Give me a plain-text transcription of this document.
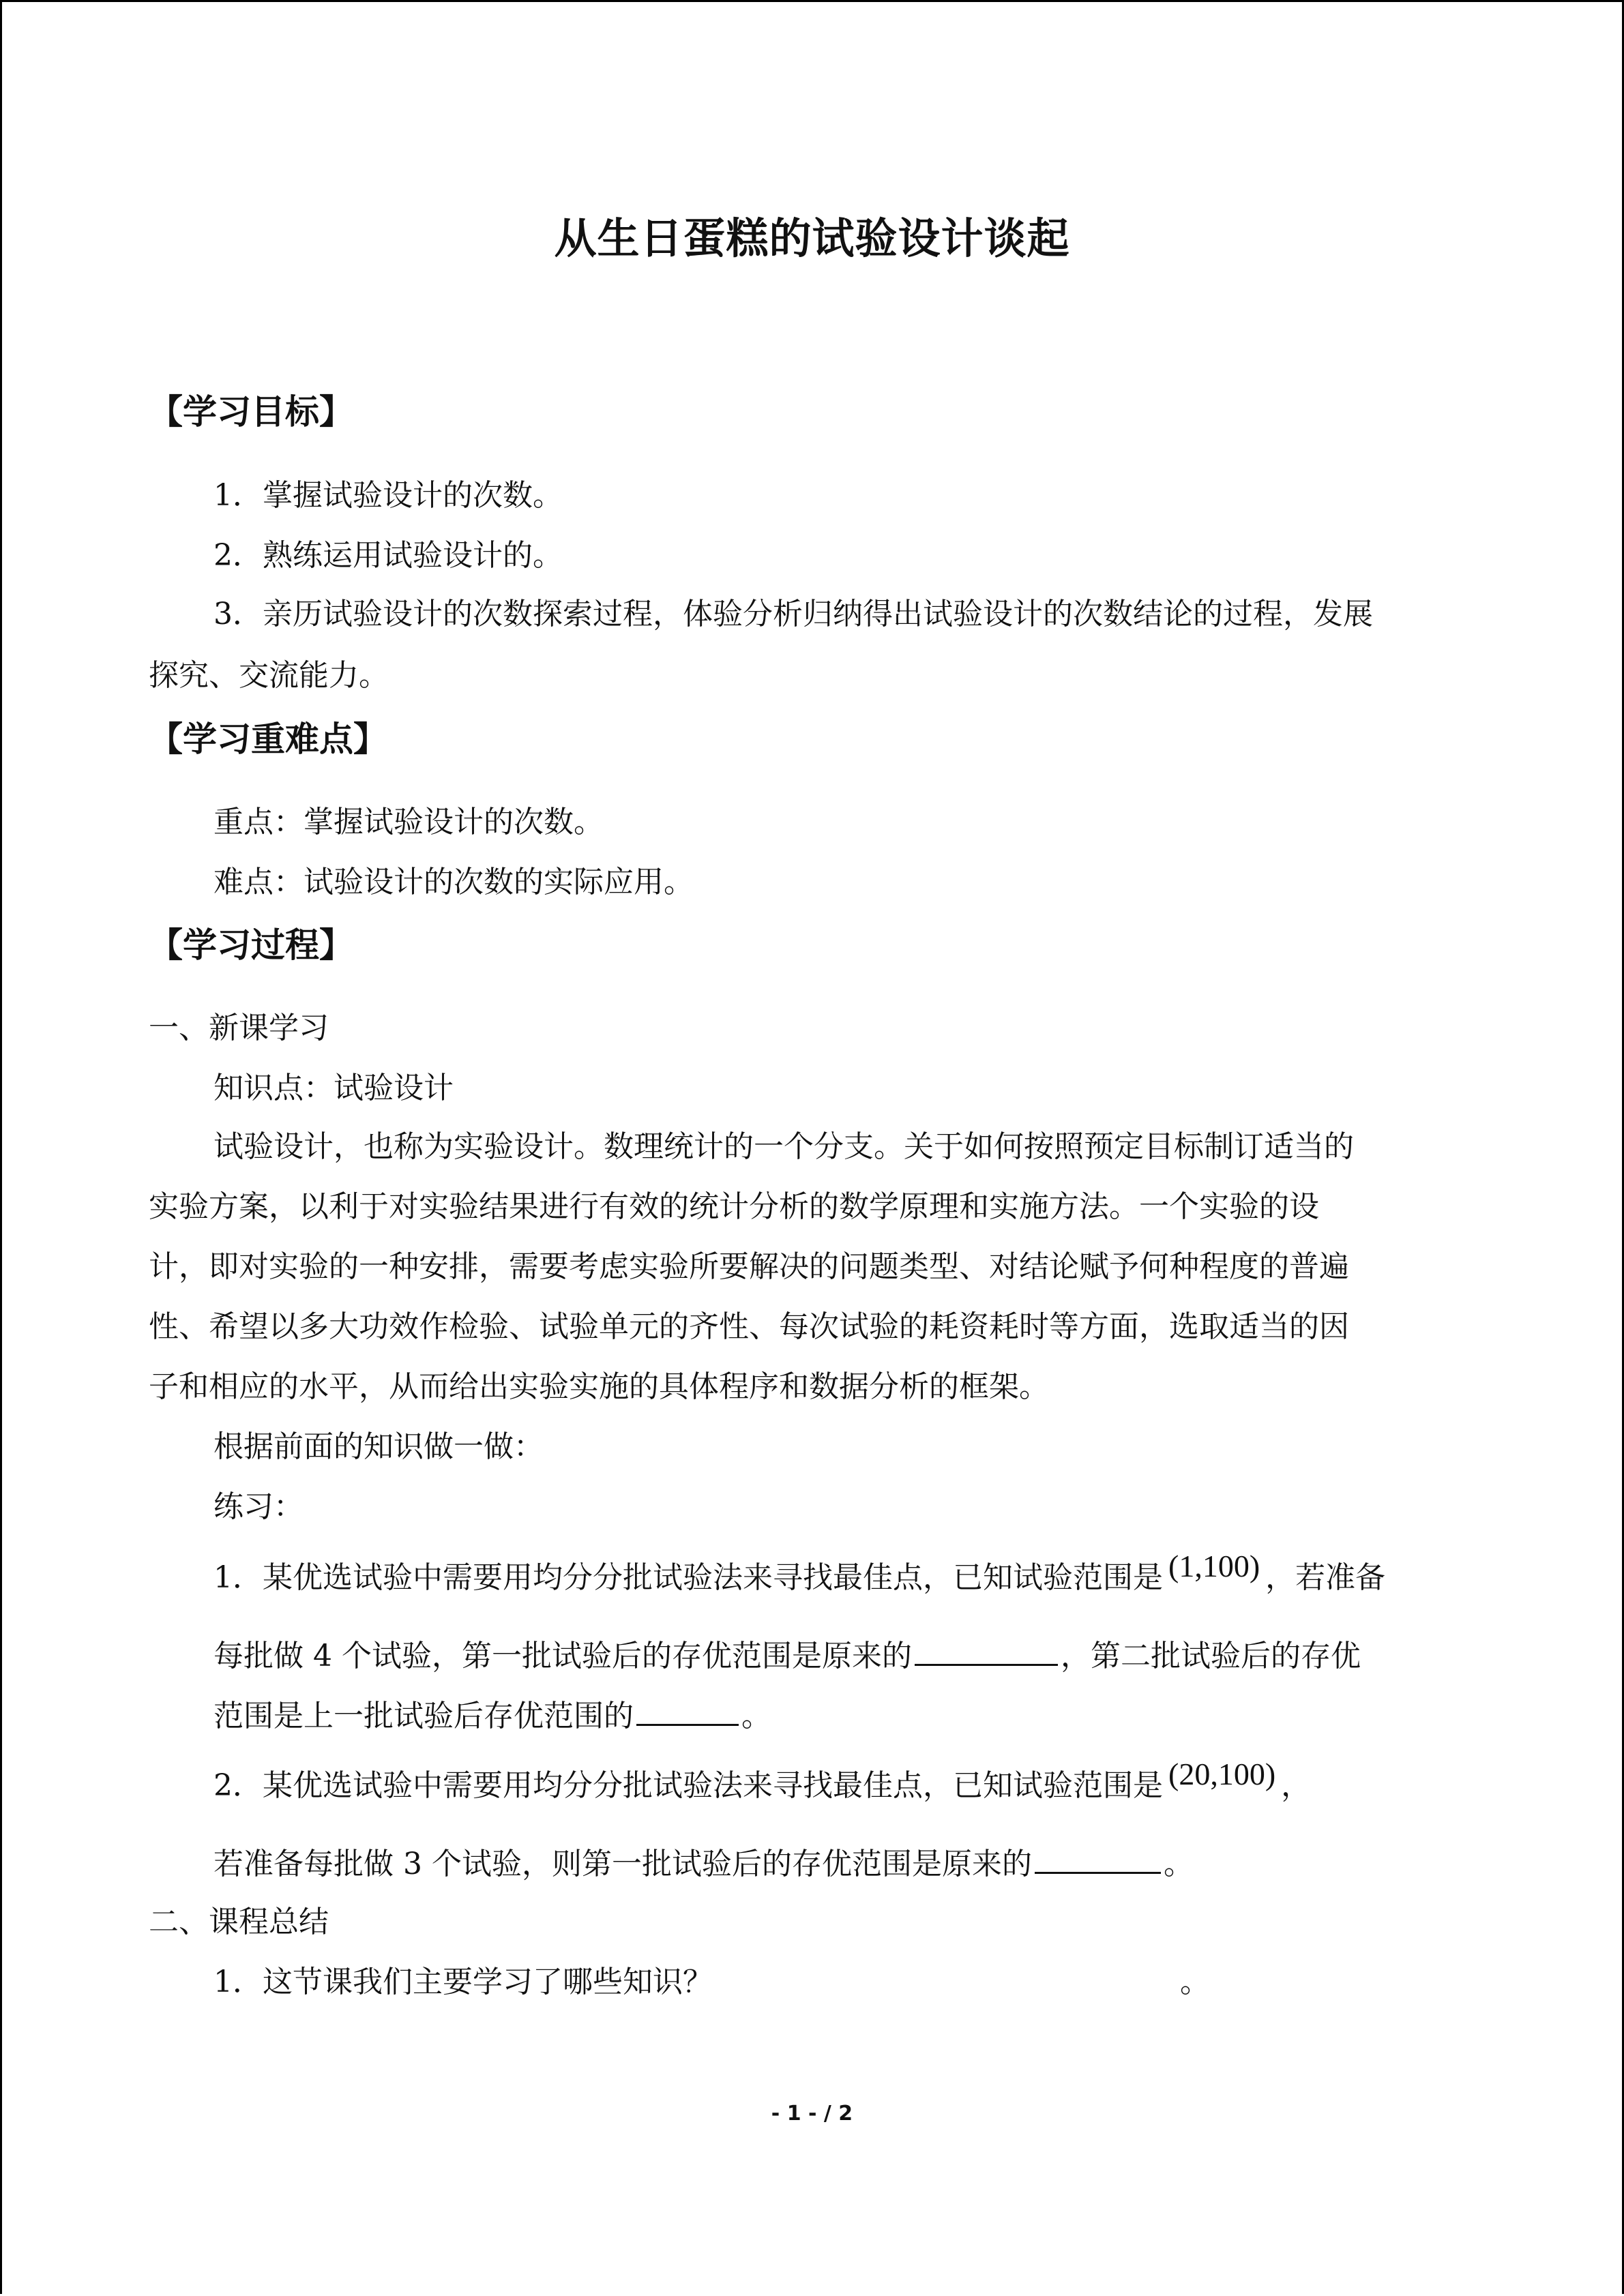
从生日蛋糕的试验设计谈起
【学习目标】
1．掌握试验设计的次数。
2．熟练运用试验设计的。
3．亲历试验设计的次数探索过程，体验分析归纳得出试验设计的次数结论的过程，发展
探究、交流能力。
【学习重难点】
重点：掌握试验设计的次数。
难点：试验设计的次数的实际应用。
【学习过程】
一、新课学习
知识点：试验设计
试验设计，也称为实验设计。数理统计的一个分支。关于如何按照预定目标制订适当的
实验方案，以利于对实验结果进行有效的统计分析的数学原理和实施方法。一个实验的设
计，即对实验的一种安排，需要考虑实验所要解决的问题类型、对结论赋予何种程度的普遍
性、希望以多大功效作检验、试验单元的齐性、每次试验的耗资耗时等方面，选取适当的因
子和相应的水平，从而给出实验实施的具体程序和数据分析的框架。
根据前面的知识做一做：
练习：
1．某优选试验中需要用均分分批试验法来寻找最佳点，已知试验范围是 (1,100) ，若准备
每批做 4 个试验，第一批试验后的存优范围是原来的	，第二批试验后的存优
范围是上一批试验后存优范围的	。
2．某优选试验中需要用均分分批试验法来寻找最佳点，已知试验范围是 (20,100) ，
若准备每批做 3 个试验，则第一批试验后的存优范围是原来的	。
二、课程总结
1．这节课我们主要学习了哪些知识？	。
- 1 - / 2
